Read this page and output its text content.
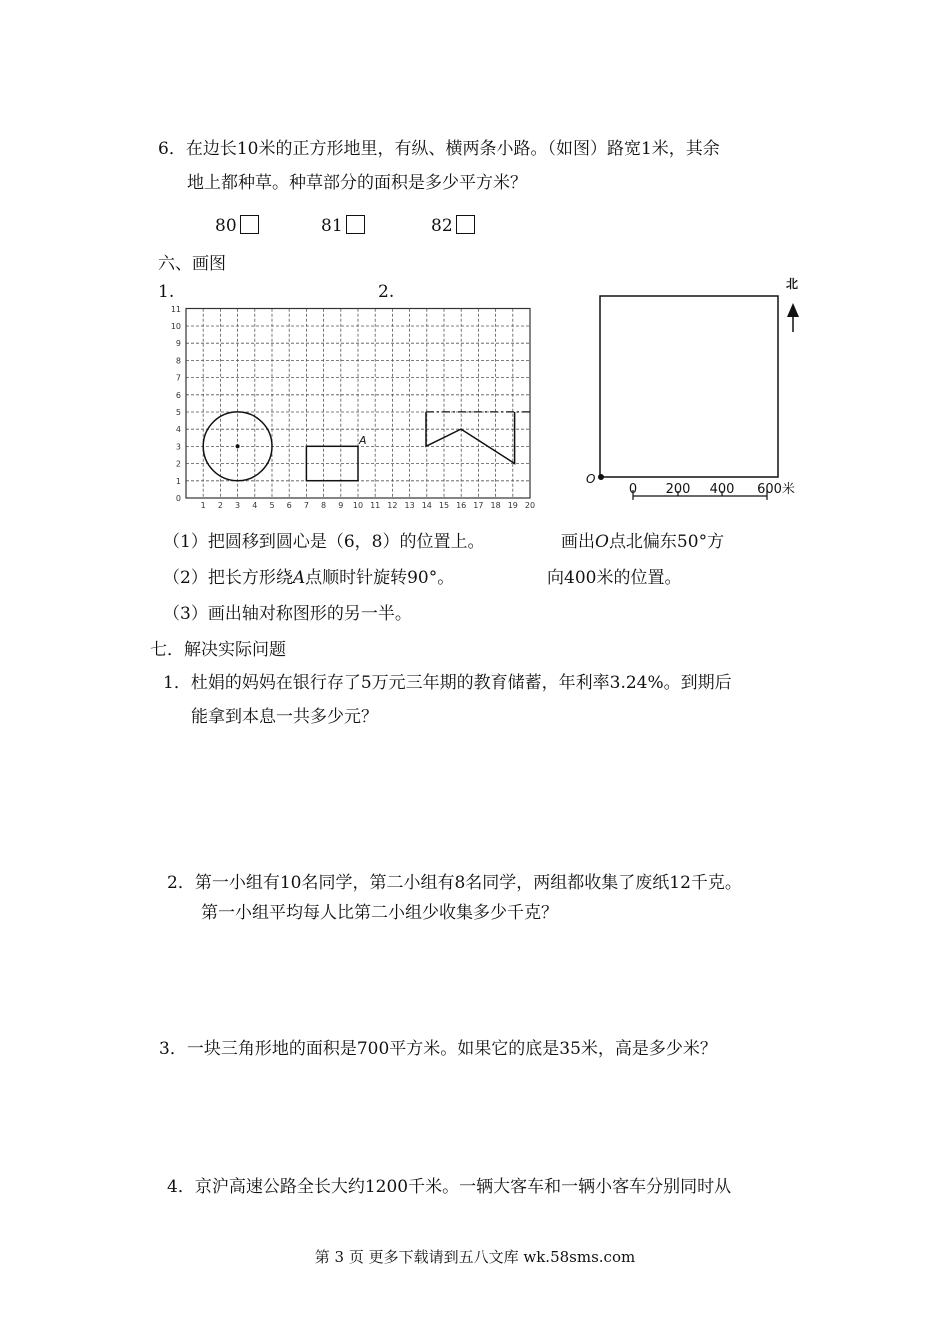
6．在边长10米的正方形地里，有纵、横两条小路。（如图）路宽1米，其余
地上都种草。种草部分的面积是多少平方米？
80	81	82
六、画图
1.	2.
1 2 3 4 5 6 7 8 9 10 11 12 13 14 15 16 17 18 19 20
0
1
2
3
4
5
6
7
8
9
10
11
A
北
O
0 200 400 600米
（1）把圆移到圆心是（6，8）的位置上。
（2）把长方形绕A点顺时针旋转90°。
（3）画出轴对称图形的另一半。
画出O点北偏东50°方
向400米的位置。
七．解决实际问题
1．杜娟的妈妈在银行存了5万元三年期的教育储蓄，年利率3.24%。到期后
能拿到本息一共多少元？
2．第一小组有10名同学，第二小组有8名同学，两组都收集了废纸12千克。
第一小组平均每人比第二小组少收集多少千克？
3．一块三角形地的面积是700平方米。如果它的底是35米，高是多少米？
4．京沪高速公路全长大约1200千米。一辆大客车和一辆小客车分别同时从
第 3 页 更多下载请到五八文库 wk.58sms.com
